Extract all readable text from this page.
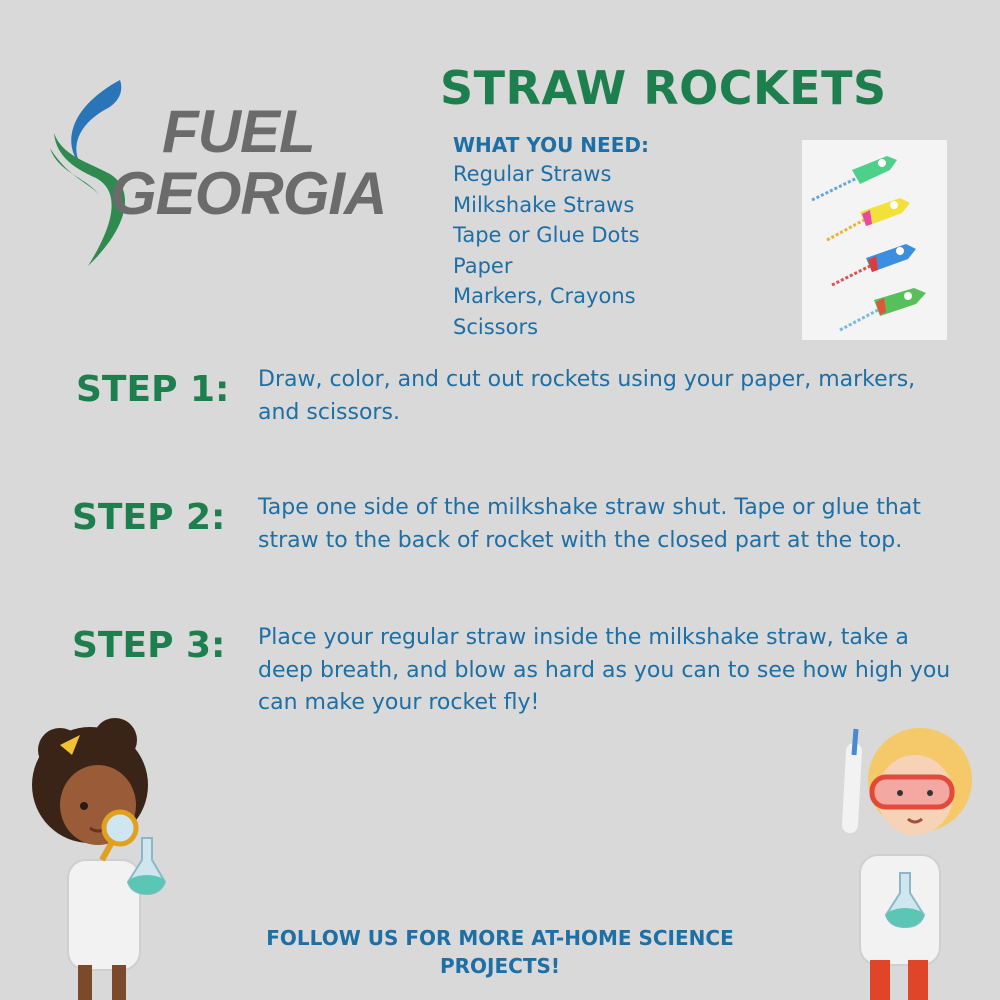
FUEL
GEORGIA
STRAW ROCKETS
WHAT YOU NEED:
Regular Straws
Milkshake Straws
Tape or Glue Dots
Paper
Markers, Crayons
Scissors
STEP 1: Draw, color, and cut out rockets using your paper, markers, and scissors.
STEP 2: Tape one side of the milkshake straw shut. Tape or glue that straw to the back of rocket with the closed part at the top.
STEP 3: Place your regular straw inside the milkshake straw, take a deep breath, and blow as hard as you can to see how high you can make your rocket fly!
FOLLOW US FOR MORE AT-HOME SCIENCE PROJECTS!
